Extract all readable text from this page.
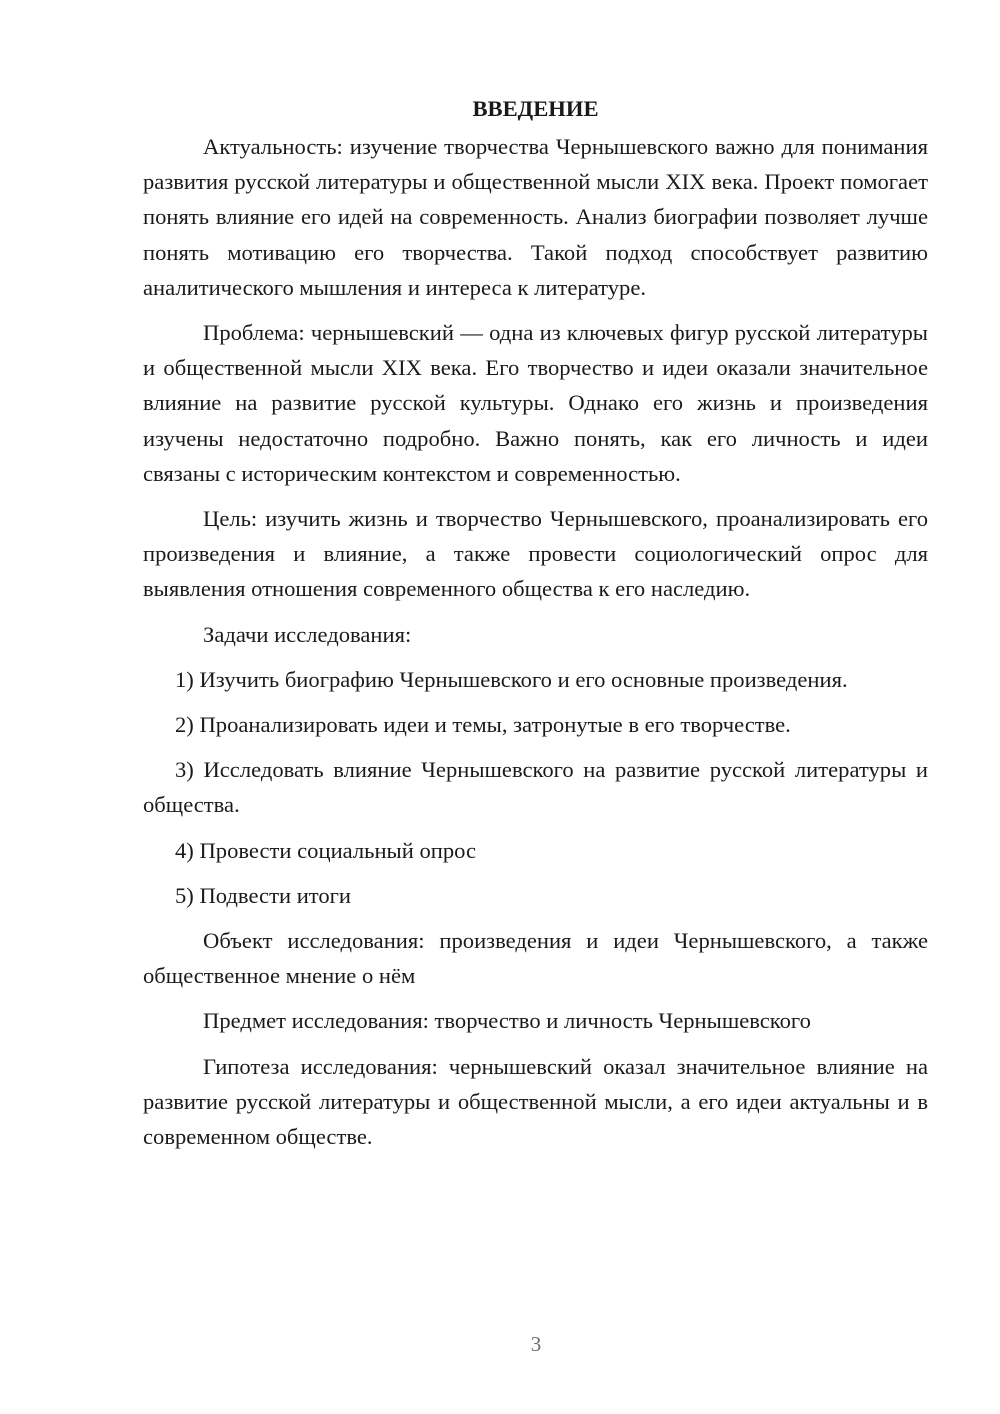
ВВЕДЕНИЕ

Актуальность: изучение творчества Чернышевского важно для понимания развития русской литературы и общественной мысли XIX века. Проект помогает понять влияние его идей на современность. Анализ биографии позволяет лучше понять мотивацию его творчества. Такой подход способствует развитию аналитического мышления и интереса к литературе.

Проблема: чернышевский — одна из ключевых фигур русской литературы и общественной мысли XIX века. Его творчество и идеи оказали значительное влияние на развитие русской культуры. Однако его жизнь и произведения изучены недостаточно подробно. Важно понять, как его личность и идеи связаны с историческим контекстом и современностью.

Цель: изучить жизнь и творчество Чернышевского, проанализировать его произведения и влияние, а также провести социологический опрос для выявления отношения современного общества к его наследию.

Задачи исследования:

1) Изучить биографию Чернышевского и его основные произведения.

2) Проанализировать идеи и темы, затронутые в его творчестве.

3) Исследовать влияние Чернышевского на развитие русской литературы и общества.

4) Провести социальный опрос

5) Подвести итоги

Объект исследования: произведения и идеи Чернышевского, а также общественное мнение о нём

Предмет исследования: творчество и личность Чернышевского

Гипотеза исследования: чернышевский оказал значительное влияние на развитие русской литературы и общественной мысли, а его идеи актуальны и в современном обществе.

3
